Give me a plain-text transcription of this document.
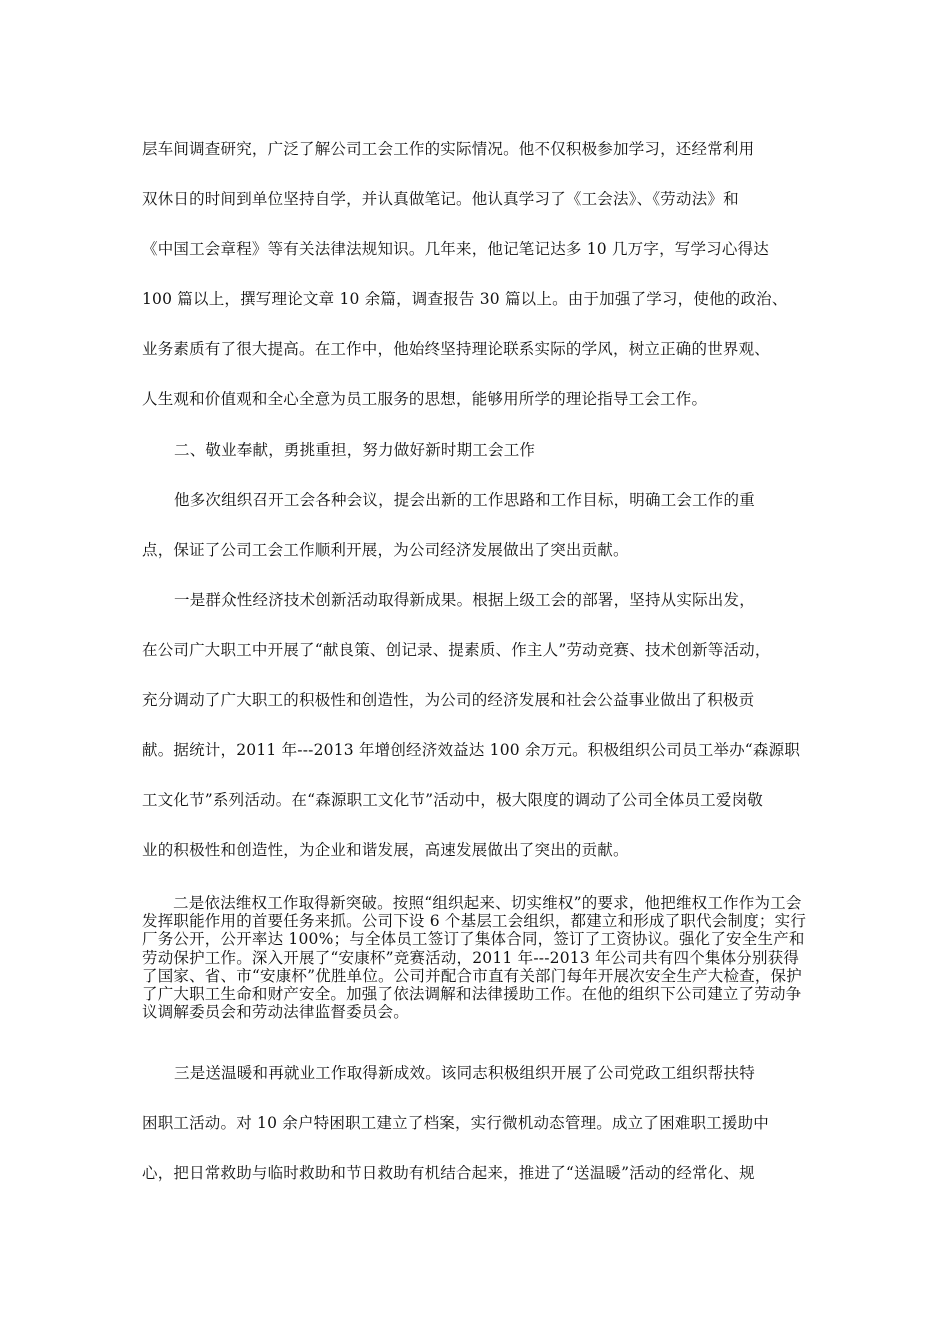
层车间调查研究，广泛了解公司工会工作的实际情况。他不仅积极参加学习，还经常利用
双休日的时间到单位坚持自学，并认真做笔记。他认真学习了《工会法》、《劳动法》和
《中国工会章程》等有关法律法规知识。几年来，他记笔记达多 10 几万字，写学习心得达
100 篇以上，撰写理论文章 10 余篇，调查报告 30 篇以上。由于加强了学习，使他的政治、
业务素质有了很大提高。在工作中，他始终坚持理论联系实际的学风，树立正确的世界观、
人生观和价值观和全心全意为员工服务的思想，能够用所学的理论指导工会工作。
二、敬业奉献，勇挑重担，努力做好新时期工会工作
他多次组织召开工会各种会议，提会出新的工作思路和工作目标，明确工会工作的重
点，保证了公司工会工作顺利开展，为公司经济发展做出了突出贡献。
一是群众性经济技术创新活动取得新成果。根据上级工会的部署，坚持从实际出发，
在公司广大职工中开展了“献良策、创记录、提素质、作主人”劳动竞赛、技术创新等活动，
充分调动了广大职工的积极性和创造性，为公司的经济发展和社会公益事业做出了积极贡
献。据统计，2011 年---2013 年增创经济效益达 100 余万元。积极组织公司员工举办“森源职
工文化节”系列活动。在“森源职工文化节”活动中，极大限度的调动了公司全体员工爱岗敬
业的积极性和创造性，为企业和谐发展，高速发展做出了突出的贡献。
二是依法维权工作取得新突破。按照“组织起来、切实维权”的要求，他把维权工作作为工会发挥职能作用的首要任务来抓。公司下设 6 个基层工会组织，都建立和形成了职代会制度；实行厂务公开，公开率达 100%；与全体员工签订了集体合同，签订了工资协议。强化了安全生产和劳动保护工作。深入开展了“安康杯”竞赛活动，2011 年---2013 年公司共有四个集体分别获得了国家、省、市“安康杯”优胜单位。公司并配合市直有关部门每年开展次安全生产大检查，保护了广大职工生命和财产安全。加强了依法调解和法律援助工作。在他的组织下公司建立了劳动争议调解委员会和劳动法律监督委员会。
三是送温暖和再就业工作取得新成效。该同志积极组织开展了公司党政工组织帮扶特
困职工活动。对 10 余户特困职工建立了档案，实行微机动态管理。成立了困难职工援助中
心，把日常救助与临时救助和节日救助有机结合起来，推进了“送温暖”活动的经常化、规
